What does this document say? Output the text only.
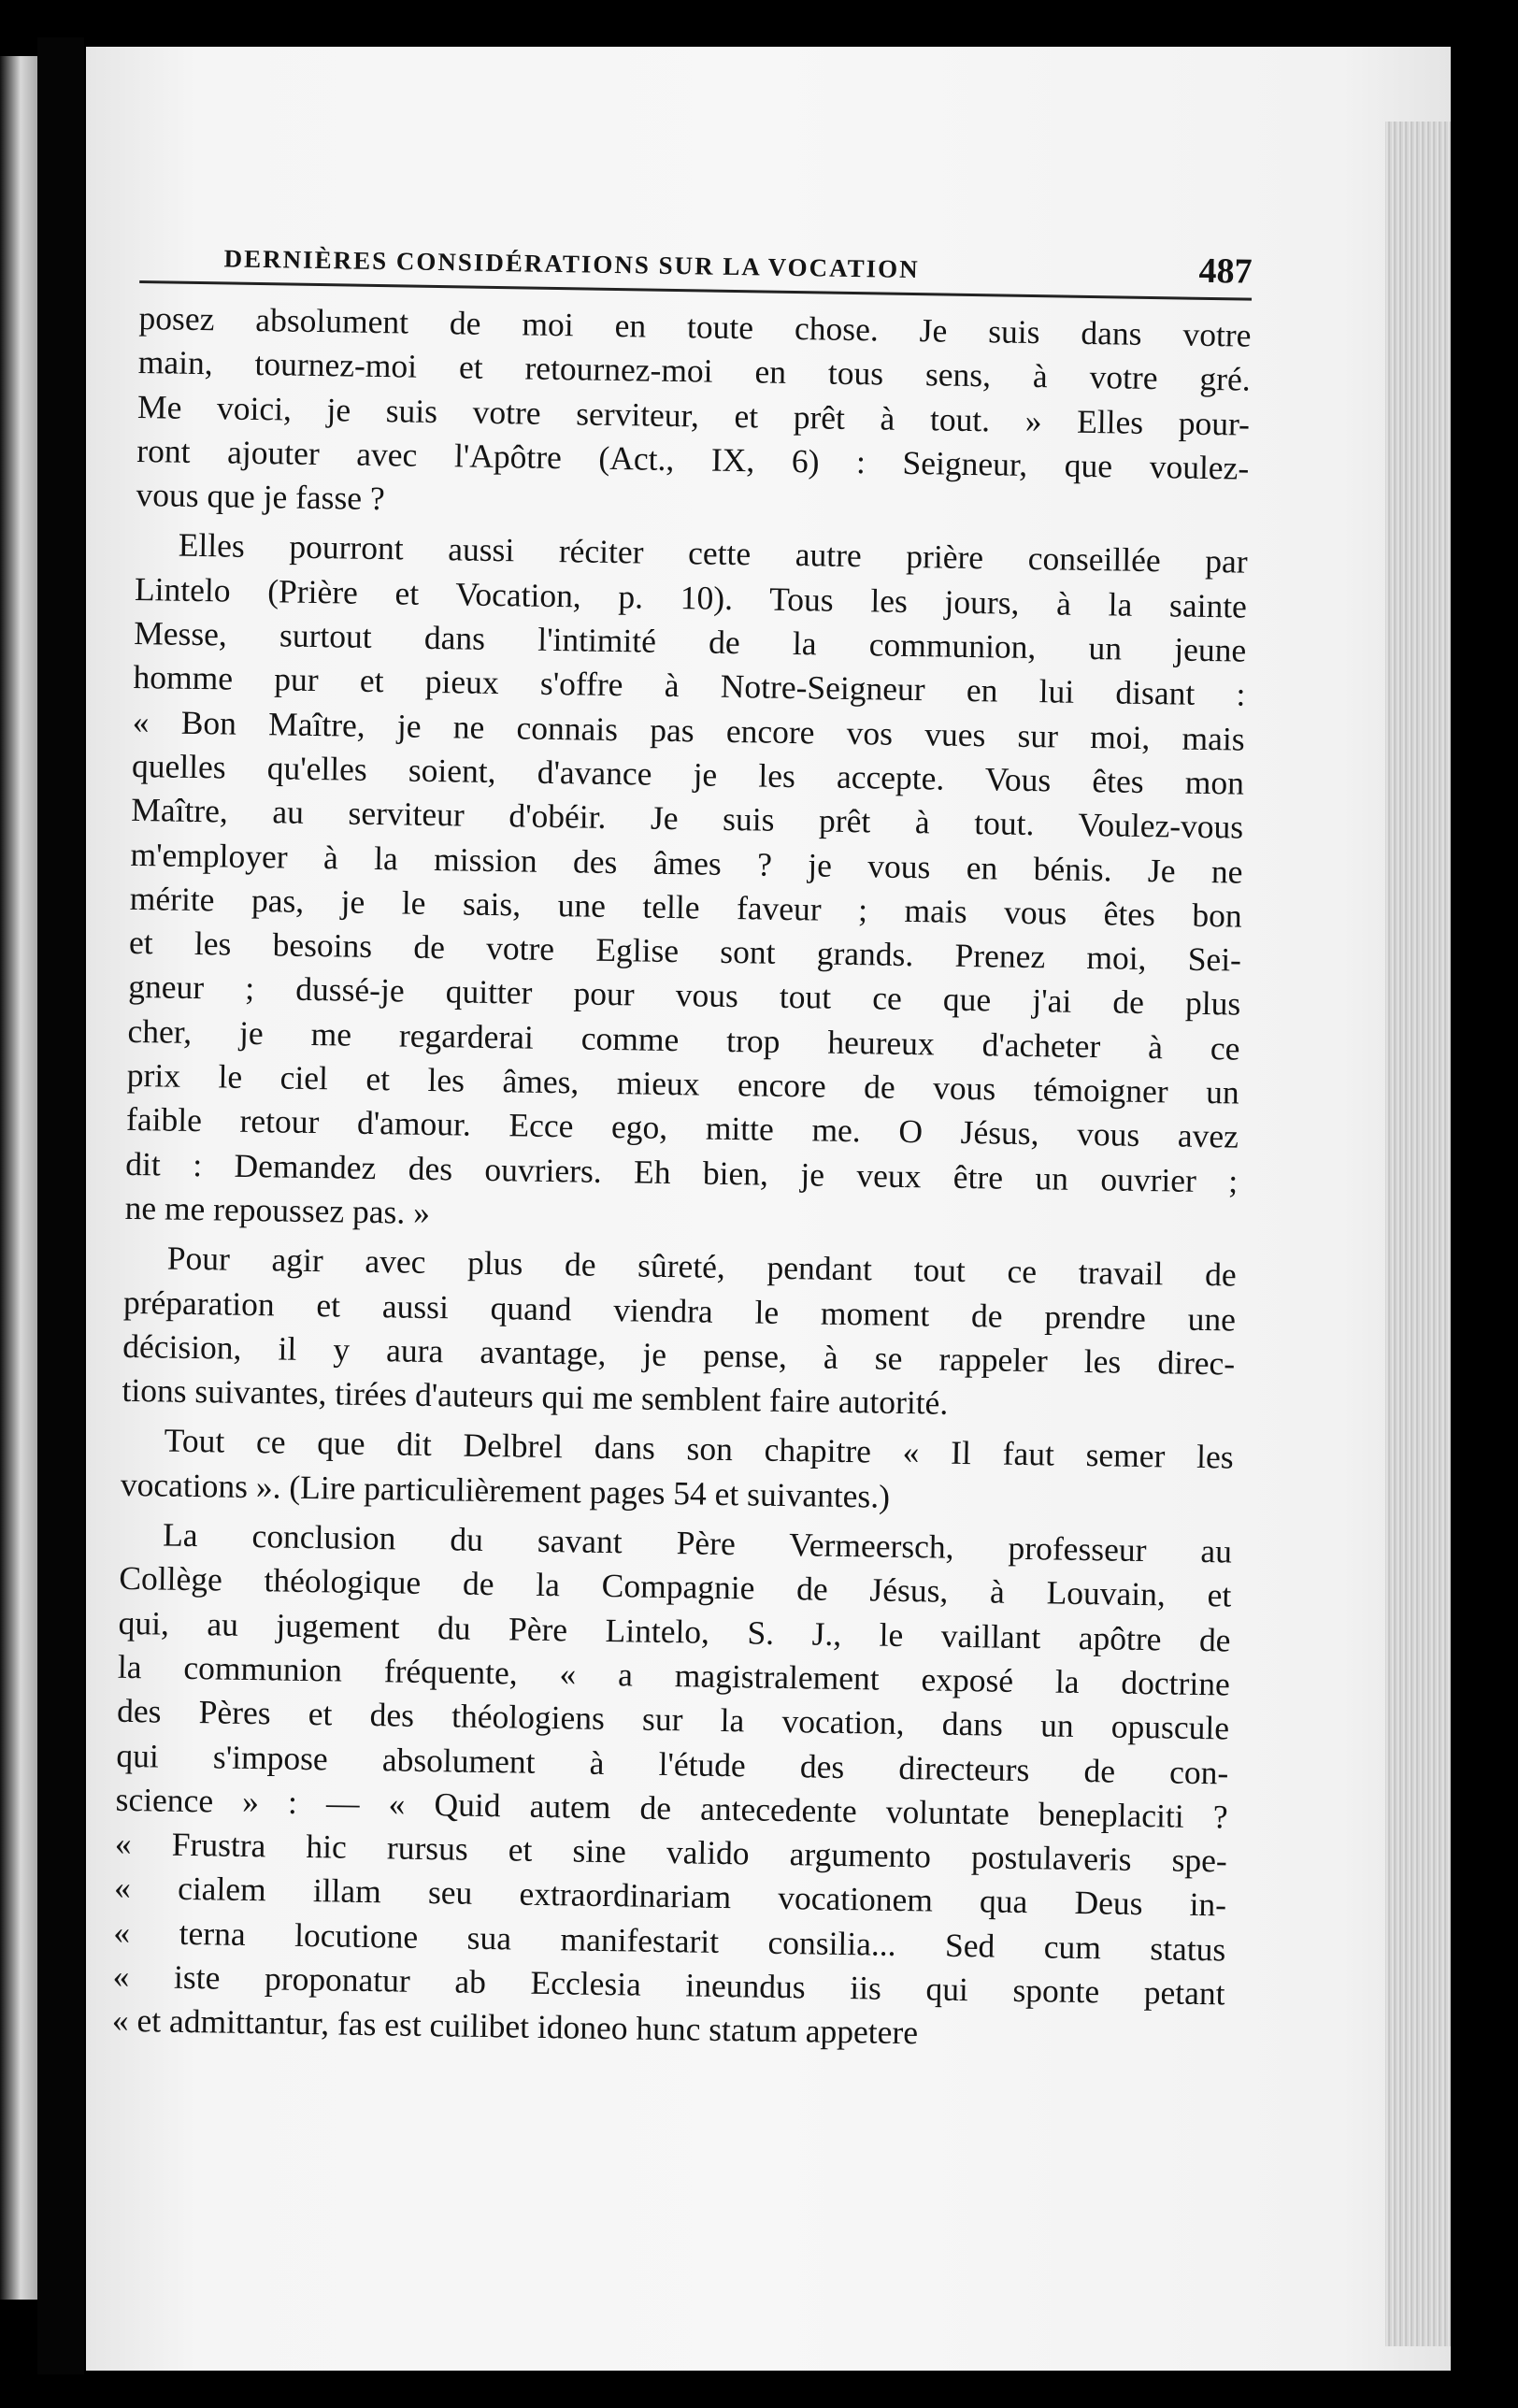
DERNIÈRES CONSIDÉRATIONS SUR LA VOCATION	487

posez absolument de moi en toute chose. Je suis dans votre

main, tournez-moi et retournez-moi en tous sens, à votre gré.

Me voici, je suis votre serviteur, et prêt à tout. » Elles pour-

ront ajouter avec l'Apôtre (Act., IX, 6) : Seigneur, que voulez-

vous que je fasse ?

Elles pourront aussi réciter cette autre prière conseillée par

Lintelo (Prière et Vocation, p. 10). Tous les jours, à la sainte

Messe, surtout dans l'intimité de la communion, un jeune

homme pur et pieux s'offre à Notre-Seigneur en lui disant :

« Bon Maître, je ne connais pas encore vos vues sur moi, mais

quelles qu'elles soient, d'avance je les accepte. Vous êtes mon

Maître, au serviteur d'obéir. Je suis prêt à tout. Voulez-vous

m'employer à la mission des âmes ? je vous en bénis. Je ne

mérite pas, je le sais, une telle faveur ; mais vous êtes bon

et les besoins de votre Eglise sont grands. Prenez moi, Sei-

gneur ; dussé-je quitter pour vous tout ce que j'ai de plus

cher, je me regarderai comme trop heureux d'acheter à ce

prix le ciel et les âmes, mieux encore de vous témoigner un

faible retour d'amour. Ecce ego, mitte me. O Jésus, vous avez

dit : Demandez des ouvriers. Eh bien, je veux être un ouvrier ;

ne me repoussez pas. »

Pour agir avec plus de sûreté, pendant tout ce travail de

préparation et aussi quand viendra le moment de prendre une

décision, il y aura avantage, je pense, à se rappeler les direc-

tions suivantes, tirées d'auteurs qui me semblent faire autorité.

Tout ce que dit Delbrel dans son chapitre « Il faut semer les

vocations ». (Lire particulièrement pages 54 et suivantes.)

La conclusion du savant Père Vermeersch, professeur au

Collège théologique de la Compagnie de Jésus, à Louvain, et

qui, au jugement du Père Lintelo, S. J., le vaillant apôtre de

la communion fréquente, « a magistralement exposé la doctrine

des Pères et des théologiens sur la vocation, dans un opuscule

qui s'impose absolument à l'étude des directeurs de con-

science » : — « Quid autem de antecedente voluntate beneplaciti ?

« Frustra hic rursus et sine valido argumento postulaveris spe-

« cialem illam seu extraordinariam vocationem qua Deus in-

« terna locutione sua manifestarit consilia... Sed cum status

« iste proponatur ab Ecclesia ineundus iis qui sponte petant

« et admittantur, fas est cuilibet idoneo hunc statum appetere
